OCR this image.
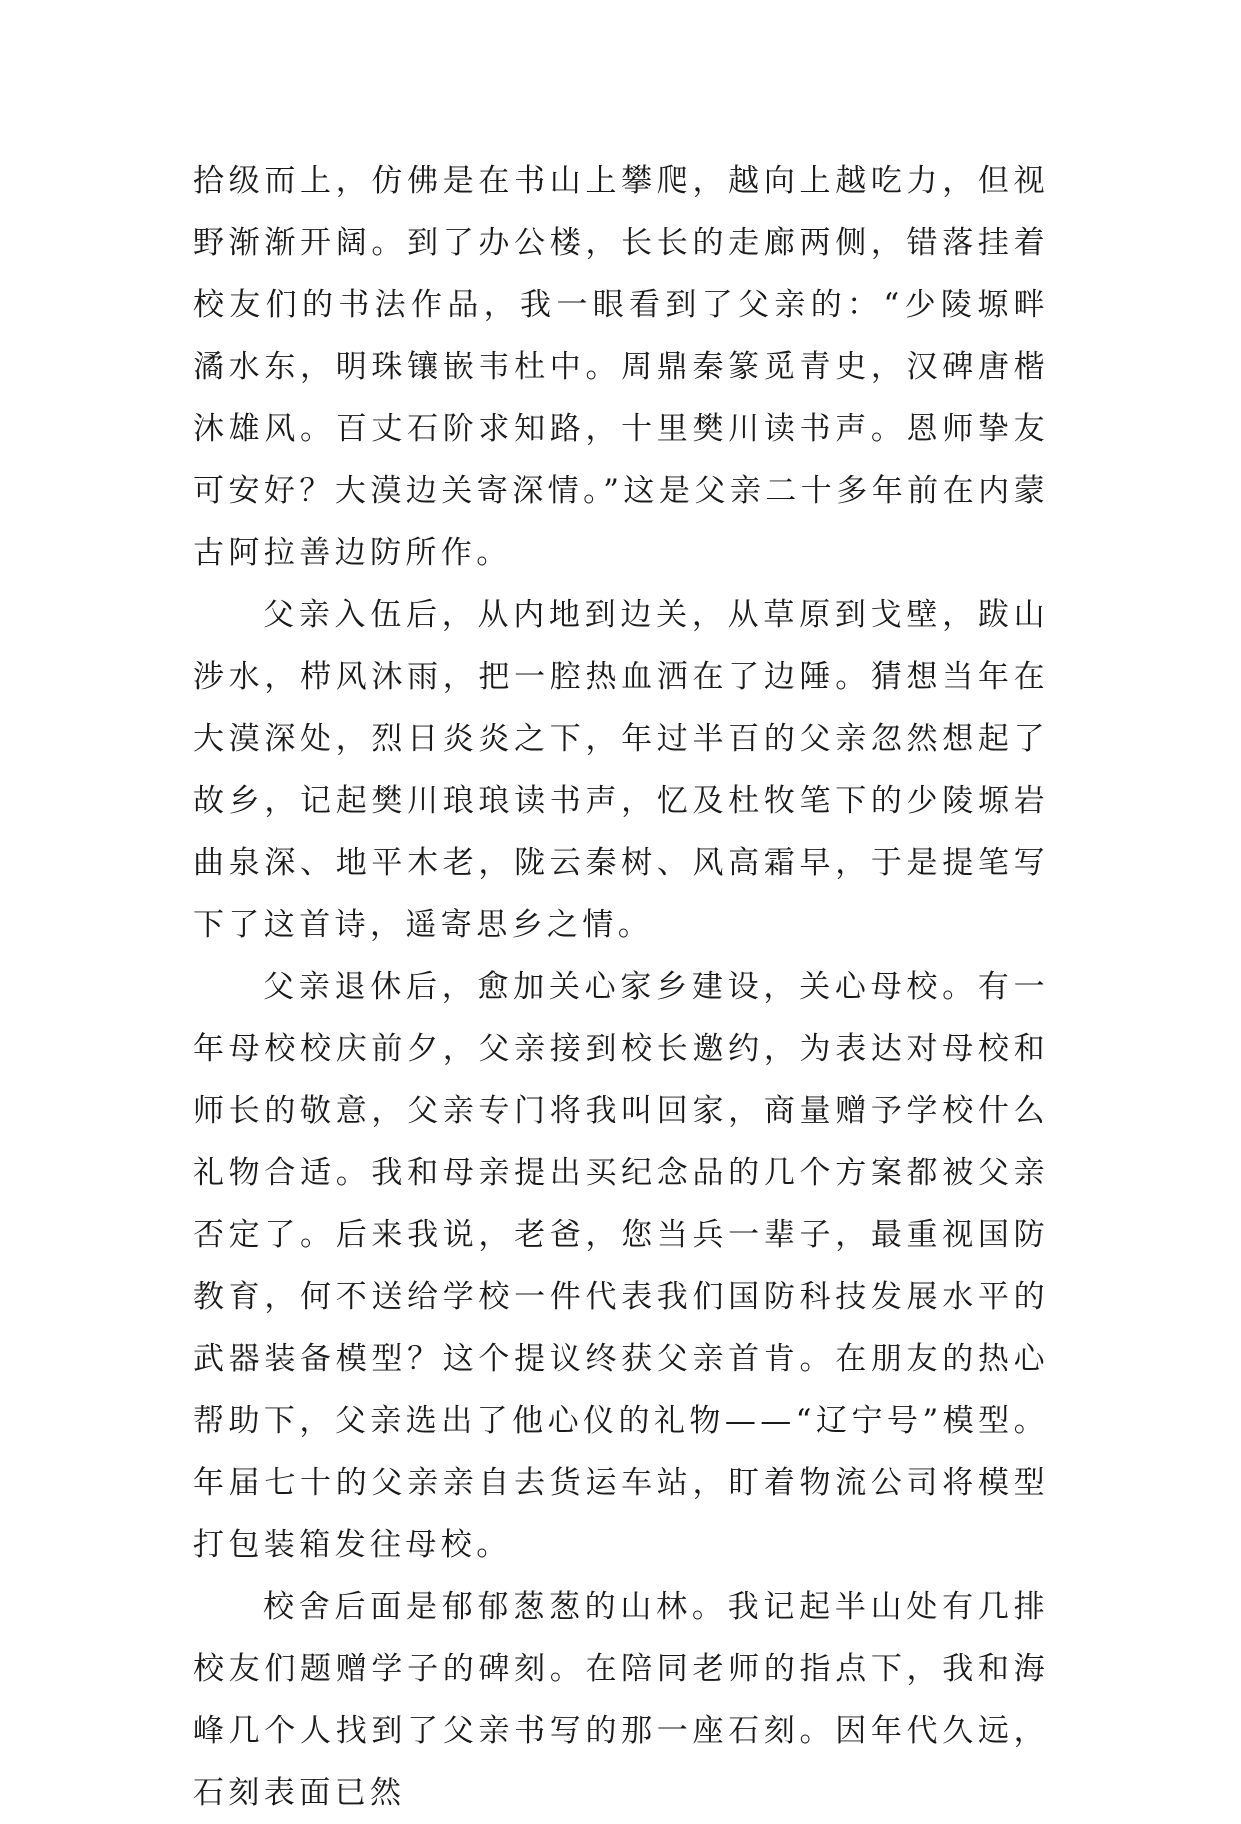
拾级而上，仿佛是在书山上攀爬，越向上越吃力，但视野渐渐开阔。到了办公楼，长长的走廊两侧，错落挂着校友们的书法作品，我一眼看到了父亲的：“少陵塬畔潏水东，明珠镶嵌韦杜中。周鼎秦篆觅青史，汉碑唐楷沐雄风。百丈石阶求知路，十里樊川读书声。恩师挚友可安好？大漠边关寄深情。”这是父亲二十多年前在内蒙古阿拉善边防所作。

父亲入伍后，从内地到边关，从草原到戈壁，跋山涉水，栉风沐雨，把一腔热血洒在了边陲。猜想当年在大漠深处，烈日炎炎之下，年过半百的父亲忽然想起了故乡，记起樊川琅琅读书声，忆及杜牧笔下的少陵塬岩曲泉深、地平木老，陇云秦树、风高霜早，于是提笔写下了这首诗，遥寄思乡之情。

父亲退休后，愈加关心家乡建设，关心母校。有一年母校校庆前夕，父亲接到校长邀约，为表达对母校和师长的敬意，父亲专门将我叫回家，商量赠予学校什么礼物合适。我和母亲提出买纪念品的几个方案都被父亲否定了。后来我说，老爸，您当兵一辈子，最重视国防教育，何不送给学校一件代表我们国防科技发展水平的武器装备模型？这个提议终获父亲首肯。在朋友的热心帮助下，父亲选出了他心仪的礼物——“辽宁号”模型。年届七十的父亲亲自去货运车站，盯着物流公司将模型打包装箱发往母校。

校舍后面是郁郁葱葱的山林。我记起半山处有几排校友们题赠学子的碑刻。在陪同老师的指点下，我和海峰几个人找到了父亲书写的那一座石刻。因年代久远，石刻表面已然
